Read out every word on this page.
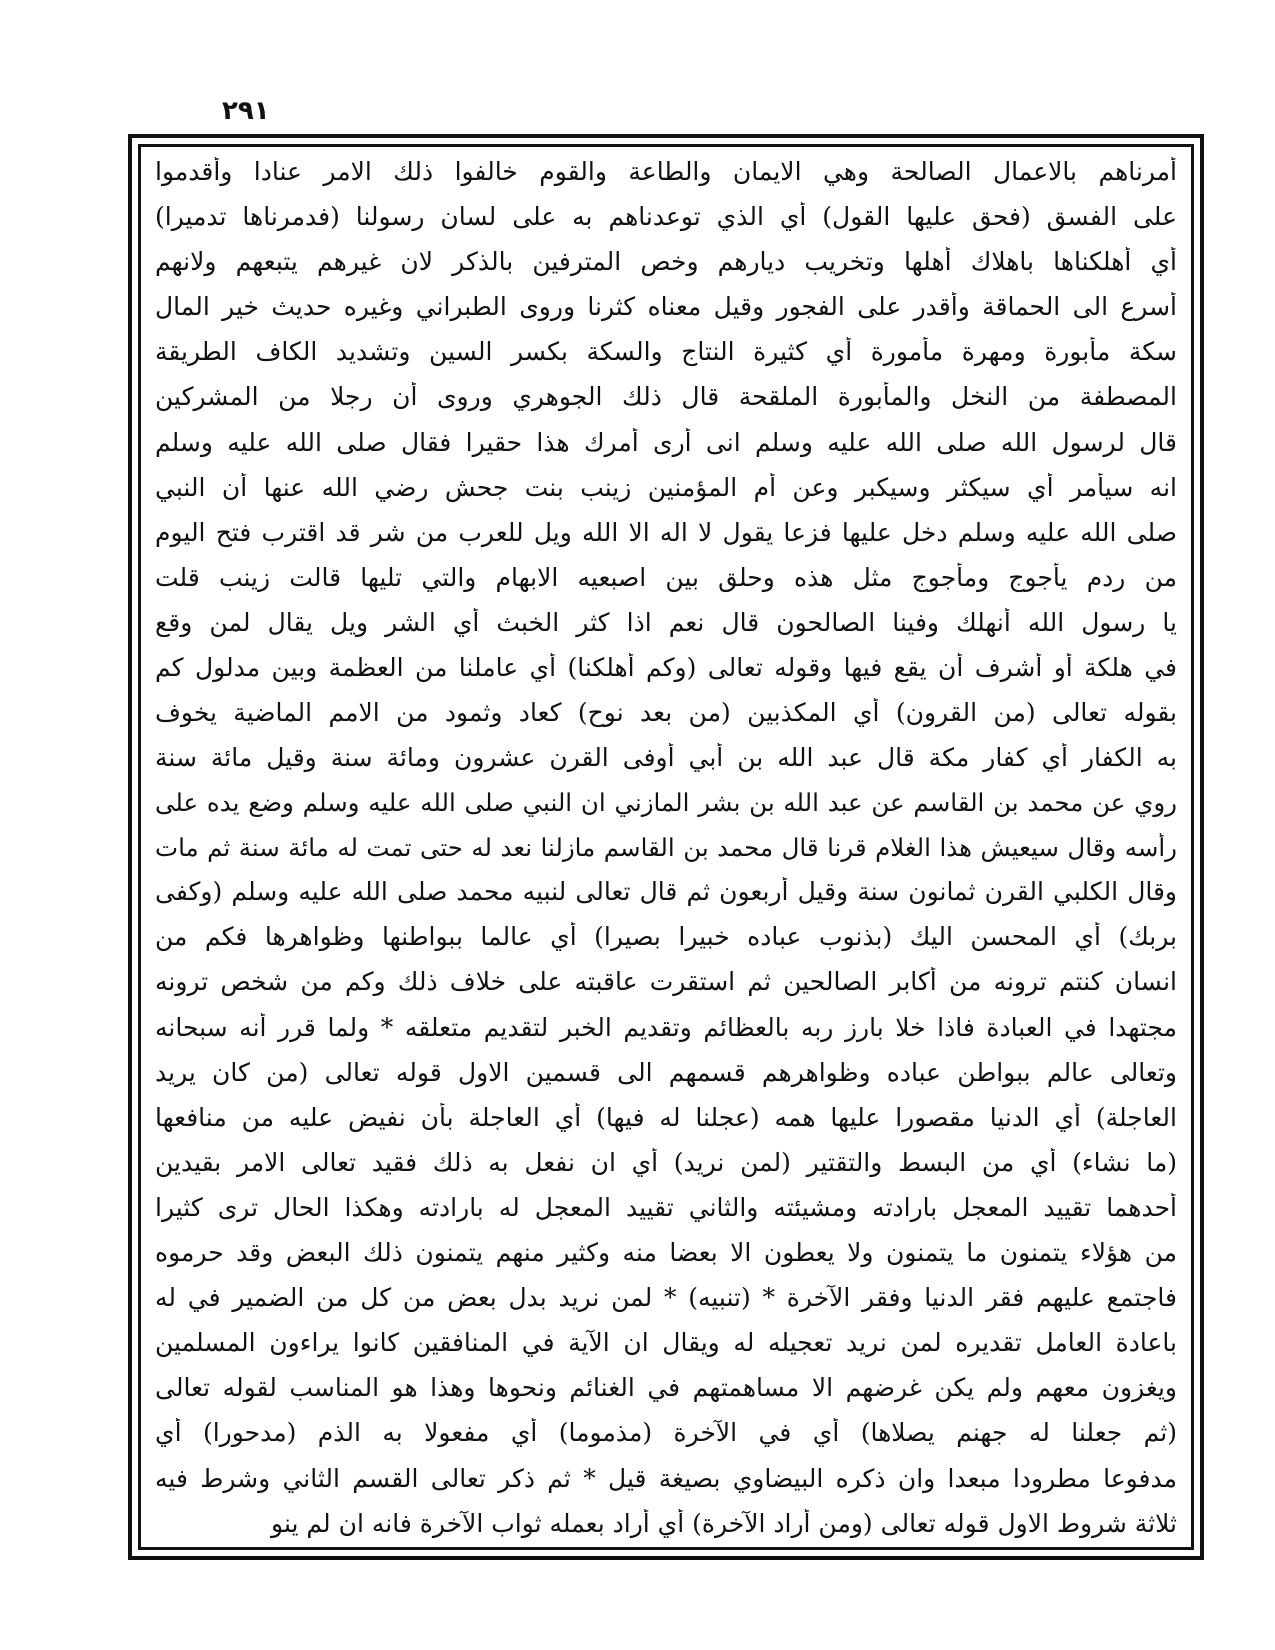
٢٩١
أمرناهم بالاعمال الصالحة وهي الايمان والطاعة والقوم خالفوا ذلك الامر عنادا وأقدموا
على الفسق (فحق عليها القول) أي الذي توعدناهم به على لسان رسولنا (فدمرناها تدميرا)
أي أهلكناها باهلاك أهلها وتخريب ديارهم وخص المترفين بالذكر لان غيرهم يتبعهم ولانهم
أسرع الى الحماقة وأقدر على الفجور وقيل معناه كثرنا وروى الطبراني وغيره حديث خير المال
سكة مأبورة ومهرة مأمورة أي كثيرة النتاج والسكة بكسر السين وتشديد الكاف الطريقة
المصطفة من النخل والمأبورة الملقحة قال ذلك الجوهري وروى أن رجلا من المشركين
قال لرسول الله صلى الله عليه وسلم انى أرى أمرك هذا حقيرا فقال صلى الله عليه وسلم
انه سيأمر أي سيكثر وسيكبر وعن أم المؤمنين زينب بنت جحش رضي الله عنها أن النبي
صلى الله عليه وسلم دخل عليها فزعا يقول لا اله الا الله ويل للعرب من شر قد اقترب فتح اليوم
من ردم يأجوج ومأجوج مثل هذه وحلق بين اصبعيه الابهام والتي تليها قالت زينب قلت
يا رسول الله أنهلك وفينا الصالحون قال نعم اذا كثر الخبث أي الشر ويل يقال لمن وقع
في هلكة أو أشرف أن يقع فيها وقوله تعالى (وكم أهلكنا) أي عاملنا من العظمة وبين مدلول كم
بقوله تعالى (من القرون) أي المكذبين (من بعد نوح) كعاد وثمود من الامم الماضية يخوف
به الكفار أي كفار مكة قال عبد الله بن أبي أوفى القرن عشرون ومائة سنة وقيل مائة سنة
روي عن محمد بن القاسم عن عبد الله بن بشر المازني ان النبي صلى الله عليه وسلم وضع يده على
رأسه وقال سيعيش هذا الغلام قرنا قال محمد بن القاسم مازلنا نعد له حتى تمت له مائة سنة ثم مات
وقال الكلبي القرن ثمانون سنة وقيل أربعون ثم قال تعالى لنبيه محمد صلى الله عليه وسلم (وكفى
بربك) أي المحسن اليك (بذنوب عباده خبيرا بصيرا) أي عالما ببواطنها وظواهرها فكم من
انسان كنتم ترونه من أكابر الصالحين ثم استقرت عاقبته على خلاف ذلك وكم من شخص ترونه
مجتهدا في العبادة فاذا خلا بارز ربه بالعظائم وتقديم الخبر لتقديم متعلقه * ولما قرر أنه سبحانه
وتعالى عالم ببواطن عباده وظواهرهم قسمهم الى قسمين الاول قوله تعالى (من كان يريد
العاجلة) أي الدنيا مقصورا عليها همه (عجلنا له فيها) أي العاجلة بأن نفيض عليه من منافعها
(ما نشاء) أي من البسط والتقتير (لمن نريد) أي ان نفعل به ذلك فقيد تعالى الامر بقيدين
أحدهما تقييد المعجل بارادته ومشيئته والثاني تقييد المعجل له بارادته وهكذا الحال ترى كثيرا
من هؤلاء يتمنون ما يتمنون ولا يعطون الا بعضا منه وكثير منهم يتمنون ذلك البعض وقد حرموه
فاجتمع عليهم فقر الدنيا وفقر الآخرة * (تنبيه) * لمن نريد بدل بعض من كل من الضمير في له
باعادة العامل تقديره لمن نريد تعجيله له ويقال ان الآية في المنافقين كانوا يراءون المسلمين
ويغزون معهم ولم يكن غرضهم الا مساهمتهم في الغنائم ونحوها وهذا هو المناسب لقوله تعالى
(ثم جعلنا له جهنم يصلاها) أي في الآخرة (مذموما) أي مفعولا به الذم (مدحورا) أي
مدفوعا مطرودا مبعدا وان ذكره البيضاوي بصيغة قيل * ثم ذكر تعالى القسم الثاني وشرط فيه
ثلاثة شروط الاول قوله تعالى (ومن أراد الآخرة) أي أراد بعمله ثواب الآخرة فانه ان لم ينو
